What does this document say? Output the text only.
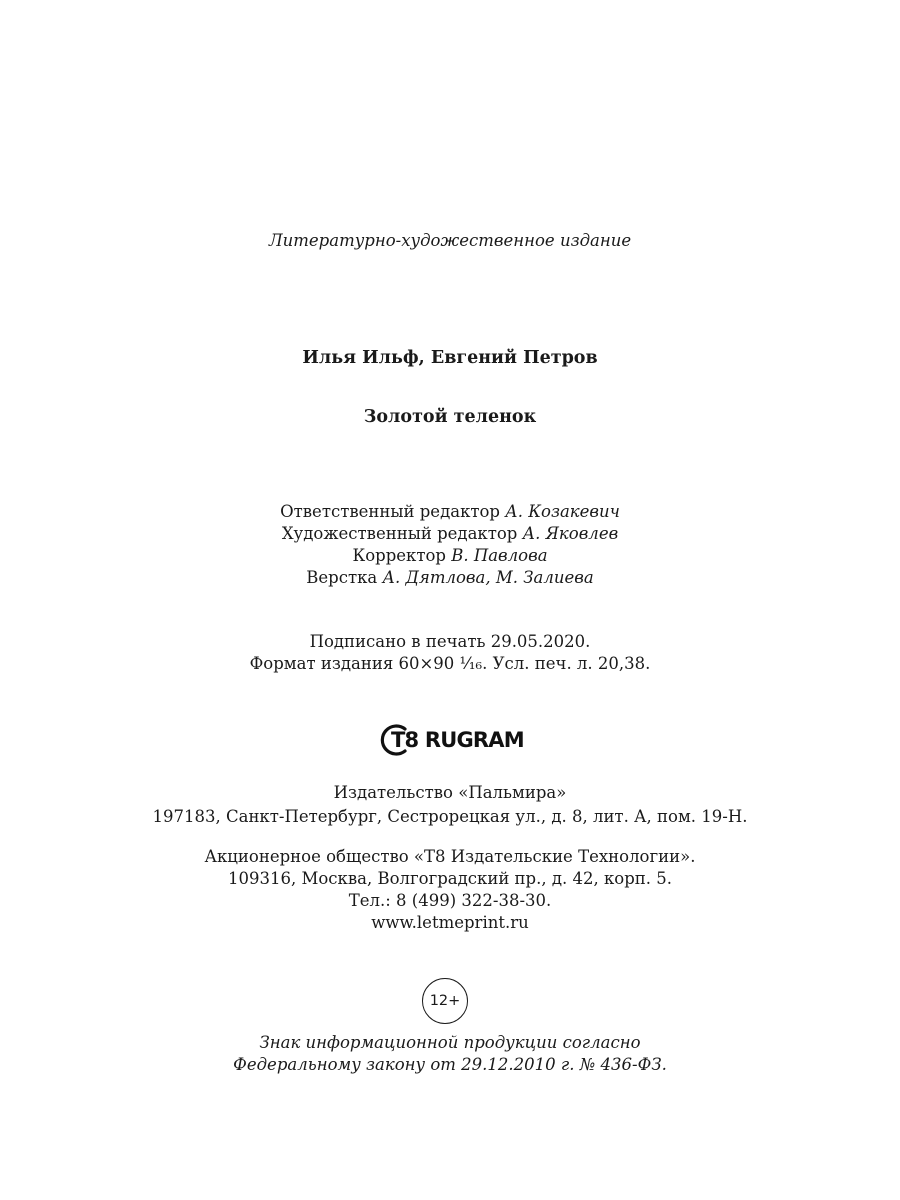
Литературно-художественное издание
Илья Ильф, Евгений Петров
Золотой теленок
Ответственный редактор А. Козакевич
Художественный редактор А. Яковлев
Корректор В. Павлова
Верстка А. Дятлова, М. Залиева
Подписано в печать 29.05.2020.
Формат издания 60×90 ¹⁄₁₆. Усл. печ. л. 20,38.
T8 RUGRAM
Издательство «Пальмира»
197183, Санкт-Петербург, Сестрорецкая ул., д. 8, лит. А, пом. 19-Н.
Акционерное общество «Т8 Издательские Технологии».
109316, Москва, Волгоградский пр., д. 42, корп. 5.
Тел.: 8 (499) 322-38-30.
www.letmeprint.ru
12+
Знак информационной продукции согласно
Федеральному закону от 29.12.2010 г. № 436-ФЗ.
